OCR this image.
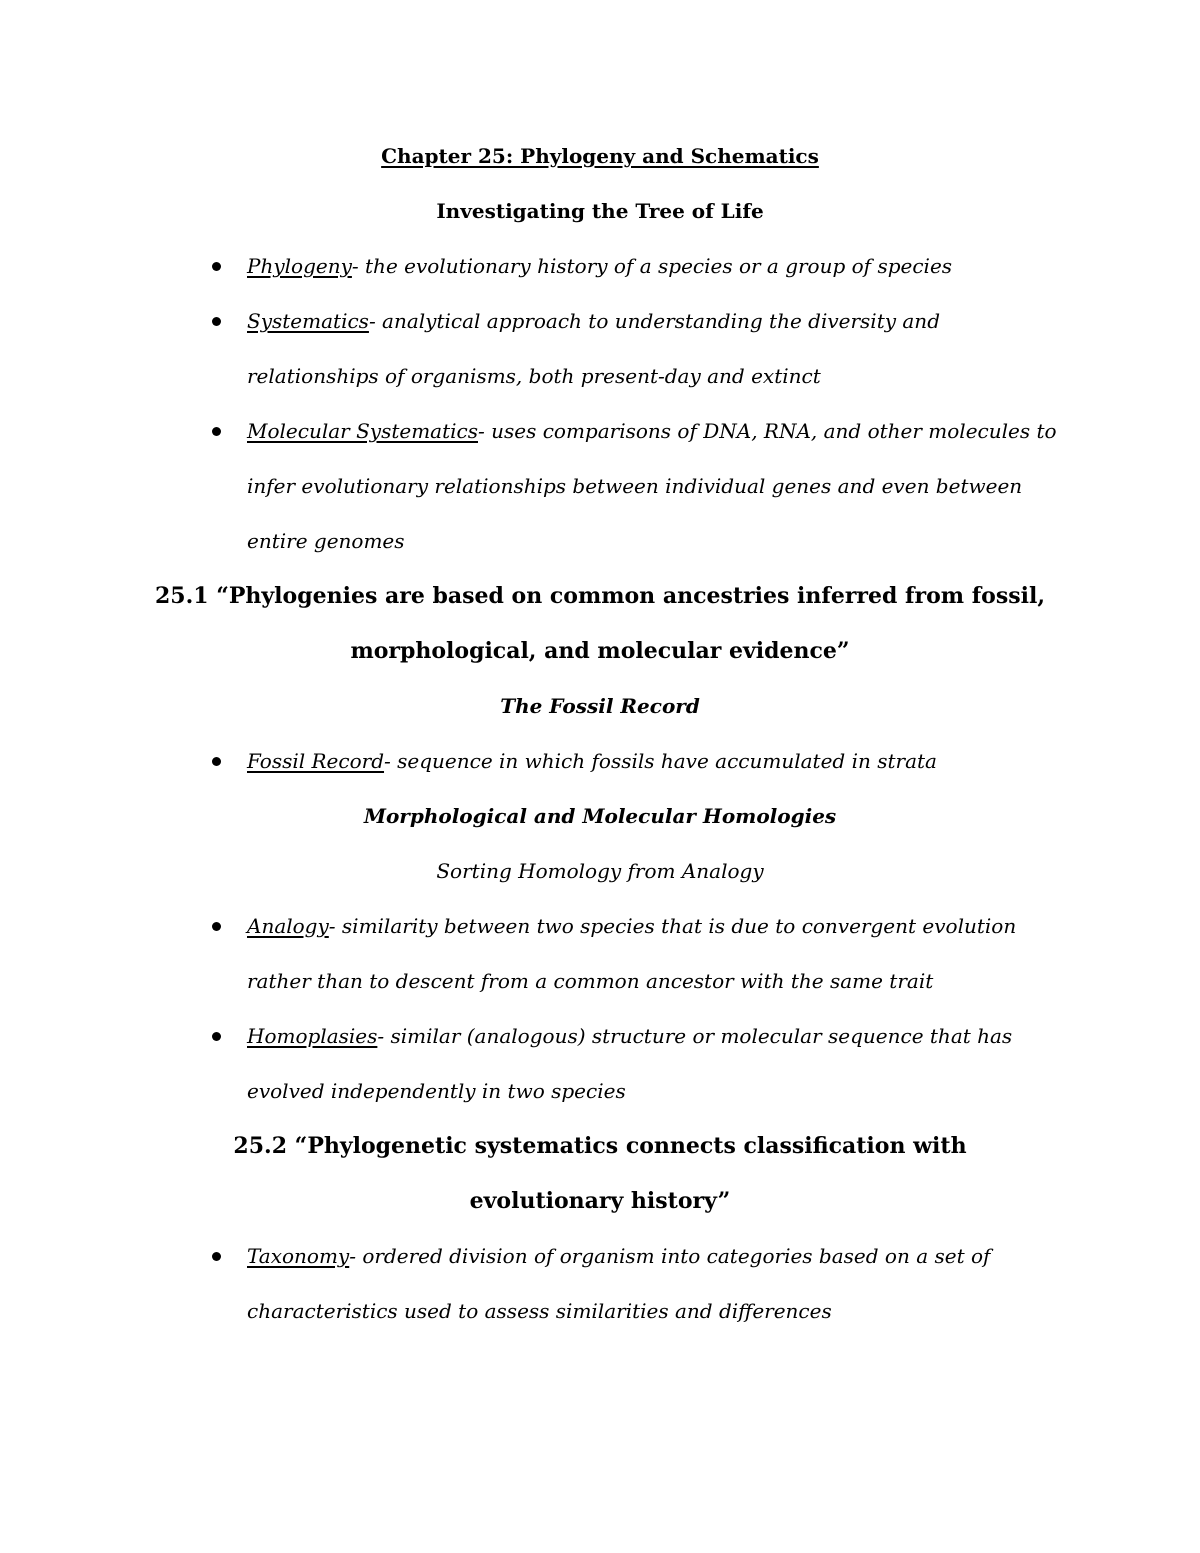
Chapter 25: Phylogeny and Schematics
Investigating the Tree of Life
Phylogeny- the evolutionary history of a species or a group of species
Systematics- analytical approach to understanding the diversity and
relationships of organisms, both present-day and extinct
Molecular Systematics- uses comparisons of DNA, RNA, and other molecules to
infer evolutionary relationships between individual genes and even between
entire genomes
25.1 “Phylogenies are based on common ancestries inferred from fossil,
morphological, and molecular evidence”
The Fossil Record
Fossil Record- sequence in which fossils have accumulated in strata
Morphological and Molecular Homologies
Sorting Homology from Analogy
Analogy- similarity between two species that is due to convergent evolution
rather than to descent from a common ancestor with the same trait
Homoplasies- similar (analogous) structure or molecular sequence that has
evolved independently in two species
25.2 “Phylogenetic systematics connects classification with
evolutionary history”
Taxonomy- ordered division of organism into categories based on a set of
characteristics used to assess similarities and differences
